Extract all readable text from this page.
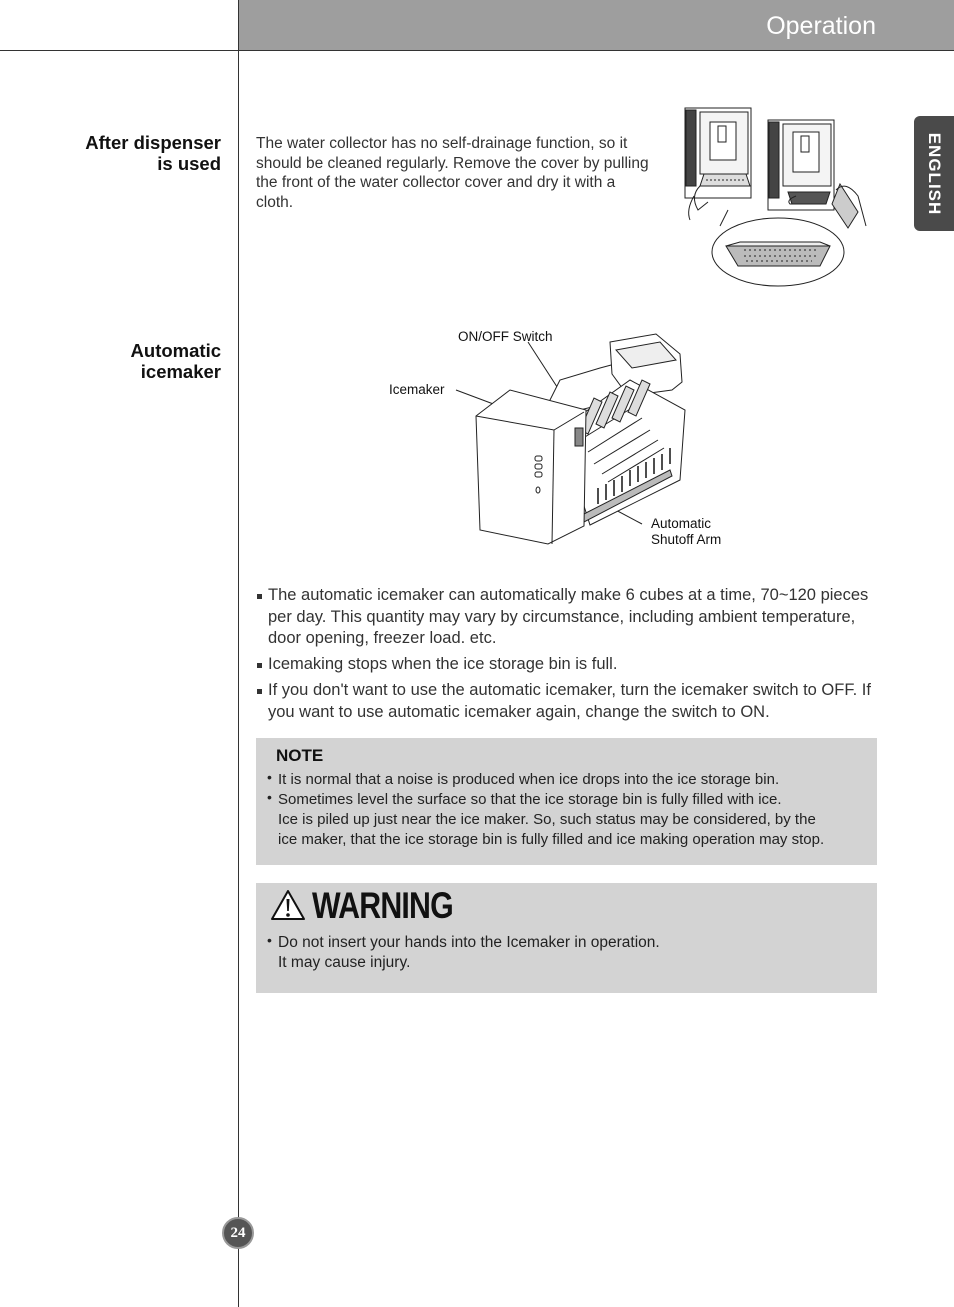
Operation
ENGLISH
After dispenser
is used
The water collector has no self-drainage function, so it should be cleaned regularly. Remove the cover by pulling the front of the water collector cover and dry it with a cloth.
Automatic
icemaker
ON/OFF Switch
Icemaker
Automatic
Shutoff Arm
The automatic icemaker can automatically make 6 cubes at a time, 70~120 pieces per day. This quantity may vary by circumstance, including ambient temperature, door opening, freezer load. etc.
Icemaking stops when the ice storage bin is full.
If you don't want to use the automatic icemaker, turn the icemaker switch to OFF. If you want to use automatic icemaker again, change the switch to ON.
NOTE
• It is normal that a noise is produced when ice drops into the ice storage bin.
• Sometimes level the surface so that the ice storage bin is fully filled with ice.
Ice is piled up just near the ice maker. So, such status may be considered, by the
ice maker, that the ice storage bin is fully filled and ice making operation may stop.
WARNING
• Do not insert your hands into the Icemaker in operation.
It may cause injury.
24
